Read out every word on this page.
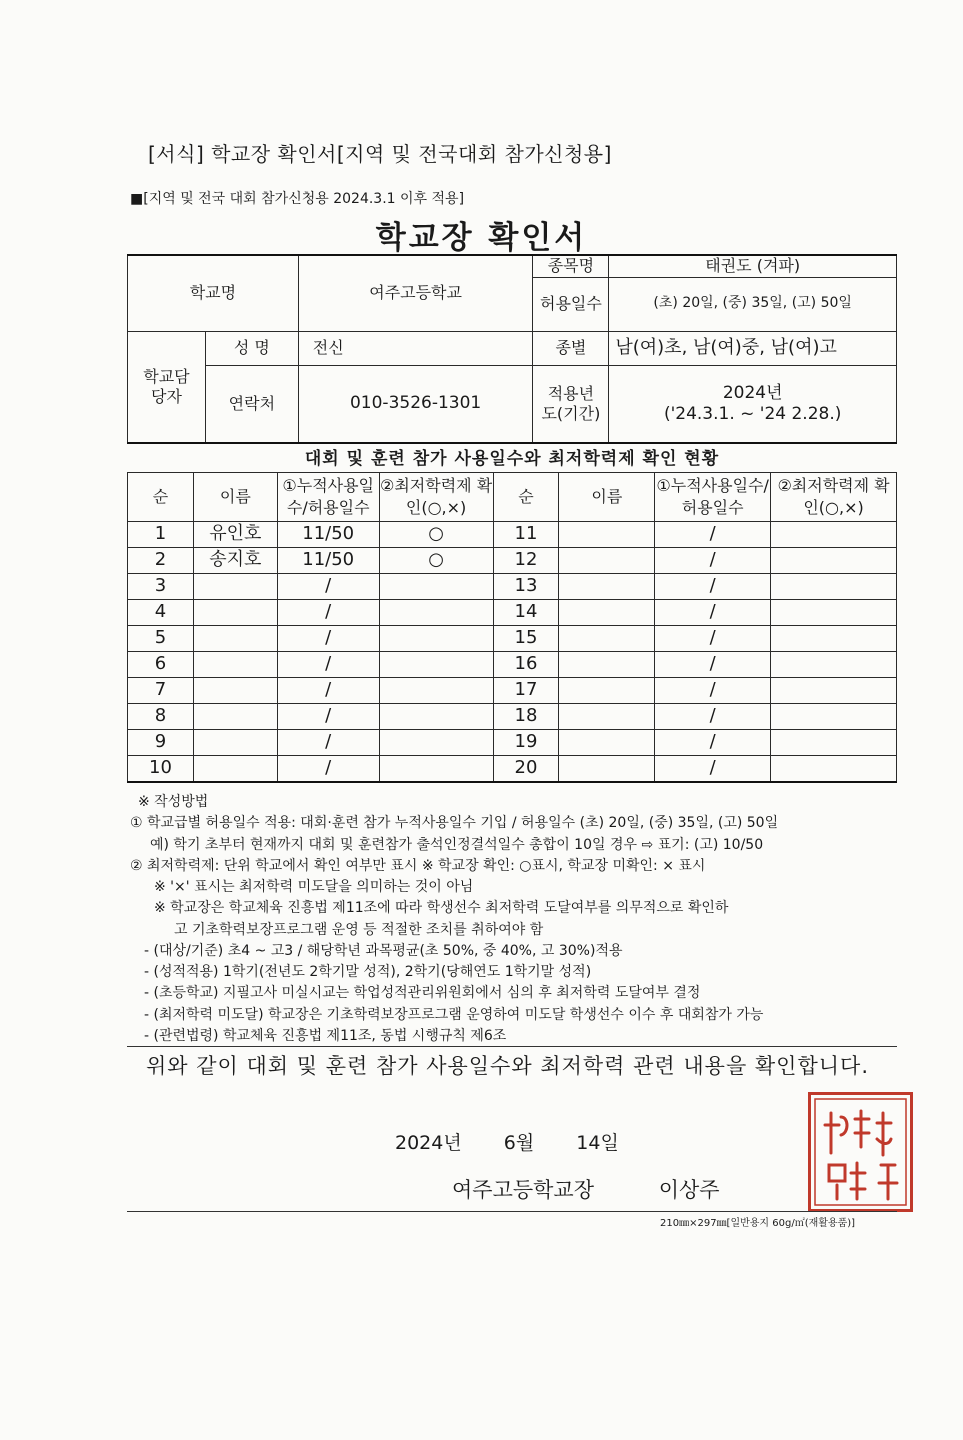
[서식] 학교장 확인서[지역 및 전국대회 참가신청용]
■[지역 및 전국 대회 참가신청용 2024.3.1 이후 적용]
학교장 확인서
학교명		여주고등학교	종목명	태권도 (겨파)
			허용일수	(초) 20일, (중) 35일, (고) 50일
학교담당자	성 명	전신	종별	남(여)초, 남(여)중, 남(여)고
	연락처	010-3526-1301	적용년도(기간)	2024년
('24.3.1. ~ '24 2.28.)
대회 및 훈련 참가 사용일수와 최저학력제 확인 현황
순	이름	①누적사용일수/허용일수	②최저학력제 확인(○,×)	순	이름	①누적사용일수/허용일수	②최저학력제 확인(○,×)
1	유인호	11/50	○	11		/	
2	송지호	11/50	○	12		/	
3		/		13		/	
4		/		14		/	
5		/		15		/	
6		/		16		/	
7		/		17		/	
8		/		18		/	
9		/		19		/	
10		/		20		/	

※ 작성방법

① 학교급별 허용일수 적용: 대회·훈련 참가 누적사용일수 기입 / 허용일수 (초) 20일, (중) 35일, (고) 50일

예) 학기 초부터 현재까지 대회 및 훈련참가 출석인정결석일수 총합이 10일 경우 ⇨ 표기: (고) 10/50

② 최저학력제: 단위 학교에서 확인 여부만 표시 ※ 학교장 확인: ○표시, 학교장 미확인: × 표시

※ '×' 표시는 최저학력 미도달을 의미하는 것이 아님

※ 학교장은 학교체육 진흥법 제11조에 따라 학생선수 최저학력 도달여부를 의무적으로 확인하

고 기초학력보장프로그램 운영 등 적절한 조치를 취하여야 함

- (대상/기준) 초4 ~ 고3 / 해당학년 과목평균(초 50%, 중 40%, 고 30%)적용

- (성적적용) 1학기(전년도 2학기말 성적), 2학기(당해연도 1학기말 성적)

- (초등학교) 지필고사 미실시교는 학업성적관리위원회에서 심의 후 최저학력 도달여부 결정

- (최저학력 미도달) 학교장은 기초학력보장프로그램 운영하여 미도달 학생선수 이수 후 대회참가 가능

- (관련법령) 학교체육 진흥법 제11조, 동법 시행규칙 제6조

위와 같이 대회 및 훈련 참가 사용일수와 최저학력 관련 내용을 확인합니다.
2024년 6월 14일
여주고등학교장	이상주
210㎜×297㎜[일반용지 60g/㎡(재활용품)]
